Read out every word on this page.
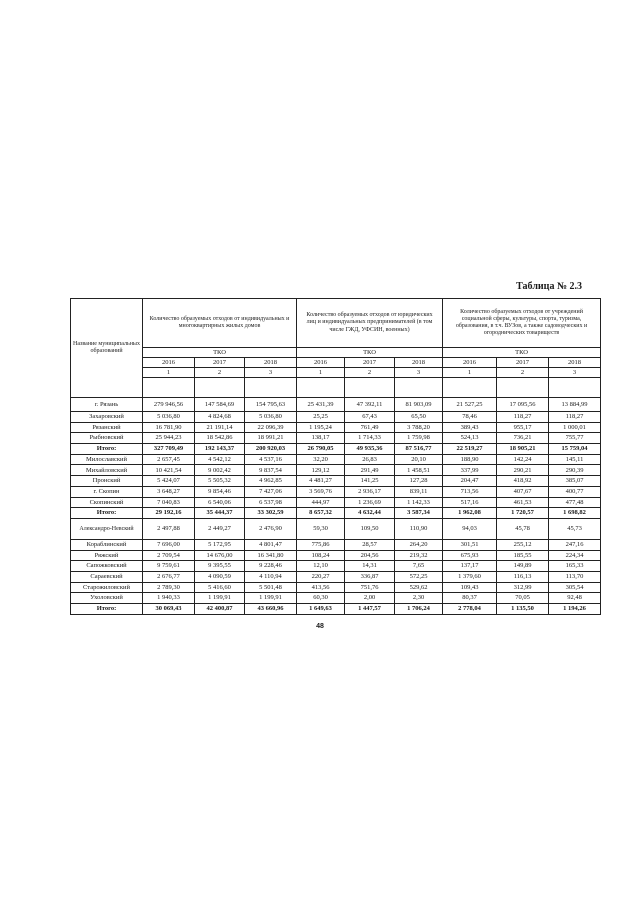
Таблица № 2.3
Название муниципальных образований	Количество образуемых отходов от индивидуальных и многоквартирных жилых домов			Количество образуемых отходов от юридических лиц и индивидуальных предпринимателей (в том числе ГЖД, УФСИН, военных)			Количество образуемых отходов от учреждений социальной сферы, культуры, спорта, туризма, образования, в т.ч. ВУЗов, а также садоводческих и огороднических товариществ		
	ТКО			ТКО			ТКО		
	2016	2017	2018	2016	2017	2018	2016	2017	2018
	1	2	3	1	2	3	1	2	3

г. Рязань	279 946,56	147 584,69	154 795,63	25 431,39	47 392,11	81 903,09	21 527,25	17 095,56	13 884,99
Захаровский	5 036,80	4 824,68	5 036,80	25,25	67,43	65,50	78,46	118,27	118,27
Рязанский	16 781,90	21 191,14	22 096,39	1 195,24	761,49	3 788,20	389,43	955,17	1 000,01
Рыбновский	25 944,23	18 542,86	18 991,21	138,17	1 714,33	1 759,98	524,13	736,21	755,77
Итого:	327 709,49	192 143,37	200 920,03	26 790,05	49 935,36	87 516,77	22 519,27	18 905,21	15 759,04
Милославский	2 657,45	4 542,12	4 537,16	32,20	26,83	20,10	188,90	142,24	145,11
Михайловский	10 421,54	9 002,42	9 837,54	129,12	291,49	1 458,51	337,99	290,21	290,39
Пронский	5 424,07	5 505,32	4 962,85	4 481,27	141,25	127,28	204,47	418,92	385,07
г. Скопин	3 648,27	9 854,46	7 427,06	3 569,76	2 936,17	839,11	713,56	407,67	400,77
Скопинский	7 040,83	6 540,06	6 537,98	444,97	1 236,69	1 142,33	517,16	461,53	477,48
Итого:	29 192,16	35 444,37	33 302,59	8 657,32	4 632,44	3 587,34	1 962,08	1 720,57	1 698,82
Александро-Невский	2 497,88	2 449,27	2 476,90	59,30	109,50	110,90	94,03	45,78	45,73
Кораблинский	7 696,00	5 172,95	4 801,47	775,86	28,57	264,20	301,51	255,12	247,16
Ряжский	2 709,54	14 676,00	16 341,80	108,24	204,56	219,32	675,93	185,55	224,34
Сапожковский	9 759,61	9 395,55	9 228,46	12,10	14,31	7,65	137,17	149,89	165,33
Сараевский	2 676,77	4 090,59	4 110,94	220,27	336,87	572,25	1 379,60	116,13	113,70
Старожиловский	2 789,30	5 416,60	5 501,48	413,56	751,76	529,62	109,43	312,99	305,54
Ухоловский	1 940,33	1 199,91	1 199,91	60,30	2,00	2,30	80,37	70,05	92,48
Итого:	30 069,43	42 400,87	43 660,96	1 649,63	1 447,57	1 706,24	2 778,04	1 135,50	1 194,26
48
